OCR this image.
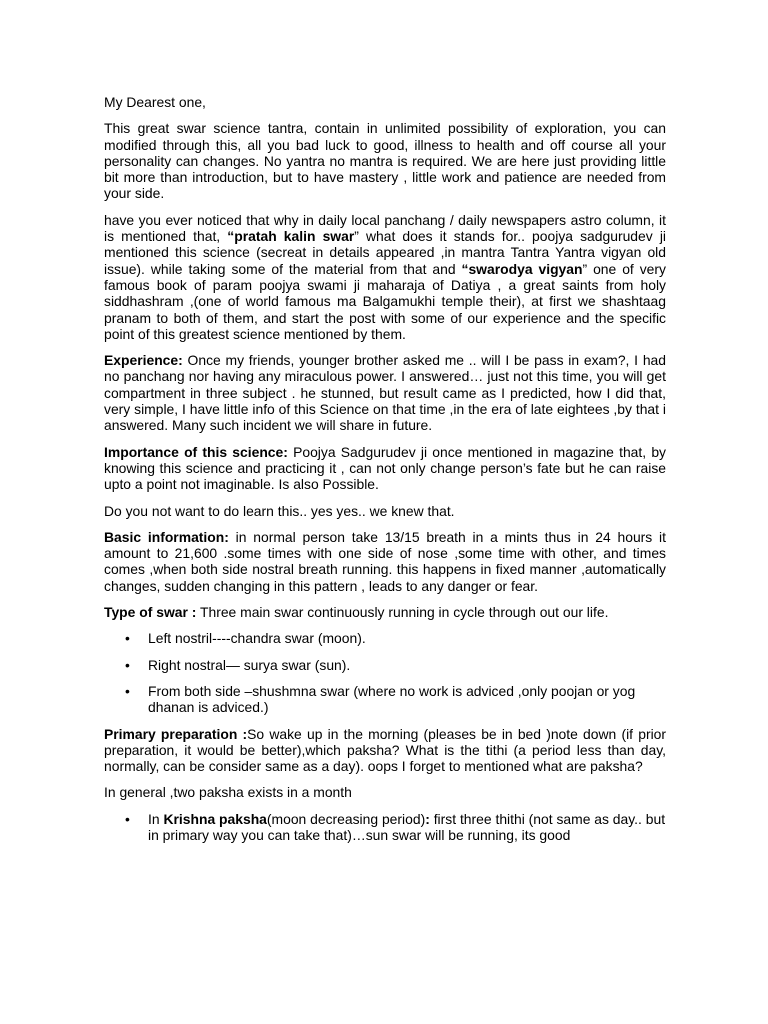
My Dearest one,

This great swar science tantra, contain in unlimited possibility of exploration, you can modified through this, all you bad luck to good, illness to health and off course all your personality can changes. No yantra no mantra is required. We are here just providing little bit more than introduction, but to have mastery , little work and patience are needed from your side.

have you ever noticed that why in daily local panchang / daily newspapers astro column, it is mentioned that, “pratah kalin swar” what does it stands for.. poojya sadgurudev ji mentioned this science (secreat in details appeared ,in mantra Tantra Yantra vigyan old issue). while taking some of the material from that and “swarodya vigyan” one of very famous book of param poojya swami ji maharaja of Datiya , a great saints from holy siddhashram ,(one of world famous ma Balgamukhi temple their), at first we shashtaag pranam to both of them, and start the post with some of our experience and the specific point of this greatest science mentioned by them.

Experience: Once my friends, younger brother asked me .. will I be pass in exam?, I had no panchang nor having any miraculous power. I answered… just not this time, you will get compartment in three subject . he stunned, but result came as I predicted, how I did that, very simple, I have little info of this Science on that time ,in the era of late eightees ,by that i answered. Many such incident we will share in future.

Importance of this science: Poojya Sadgurudev ji once mentioned in magazine that, by knowing this science and practicing it , can not only change person’s fate but he can raise upto a point not imaginable. Is also Possible.

Do you not want to do learn this.. yes yes.. we knew that.

Basic information: in normal person take 13/15 breath in a mints thus in 24 hours it amount to 21,600 .some times with one side of nose ,some time with other, and times comes ,when both side nostral breath running. this happens in fixed manner ,automatically changes, sudden changing in this pattern , leads to any danger or fear.

Type of swar : Three main swar continuously running in cycle through out our life.

• Left nostril----chandra swar (moon).
• Right nostral— surya swar (sun).
• From both side –shushmna swar (where no work is adviced ,only poojan or yog dhanan is adviced.)

Primary preparation :So wake up in the morning (pleases be in bed )note down (if prior preparation, it would be better),which paksha? What is the tithi (a period less than day, normally, can be consider same as a day). oops I forget to mentioned what are paksha?

In general ,two paksha exists in a month

• In Krishna paksha(moon decreasing period): first three thithi (not same as day.. but in primary way you can take that)…sun swar will be running, its good
